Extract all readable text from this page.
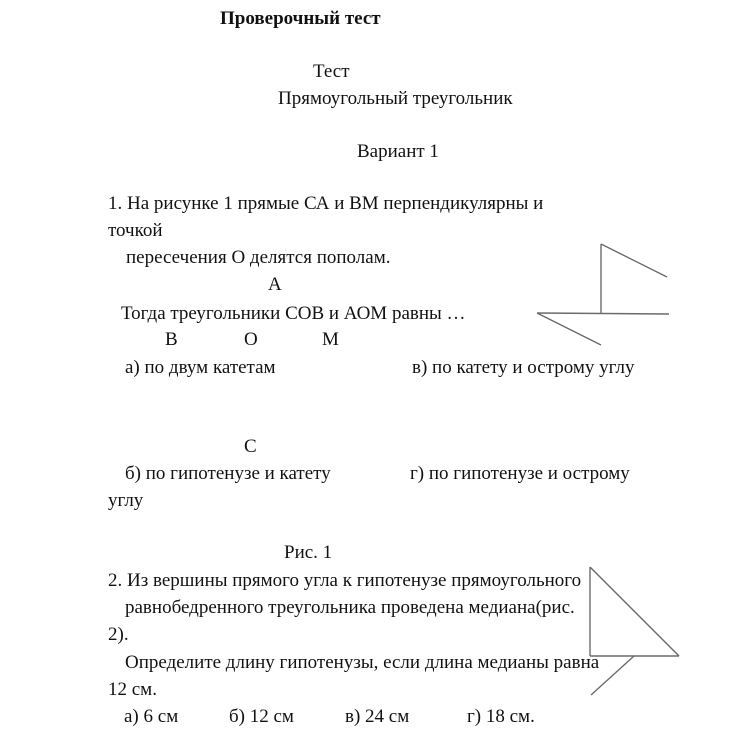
Проверочный тест
Тест
Прямоугольный треугольник
Вариант 1
1. На рисунке 1 прямые СА и ВМ перпендикулярны и
точкой
пересечения О делятся пополам.
А
Тогда треугольники СОВ и АОМ равны …
В	О	М
а) по двум катетам	в) по катету и острому углу
С
б) по гипотенузе и катету	г) по гипотенузе и острому
углу
Рис. 1
2. Из вершины прямого угла к гипотенузе прямоугольного
равнобедренного треугольника проведена медиана(рис.
2).
Определите длину гипотенузы, если длина медианы равна
12 см.
а) 6 см	б) 12 см	в) 24 см	г) 18 см.
